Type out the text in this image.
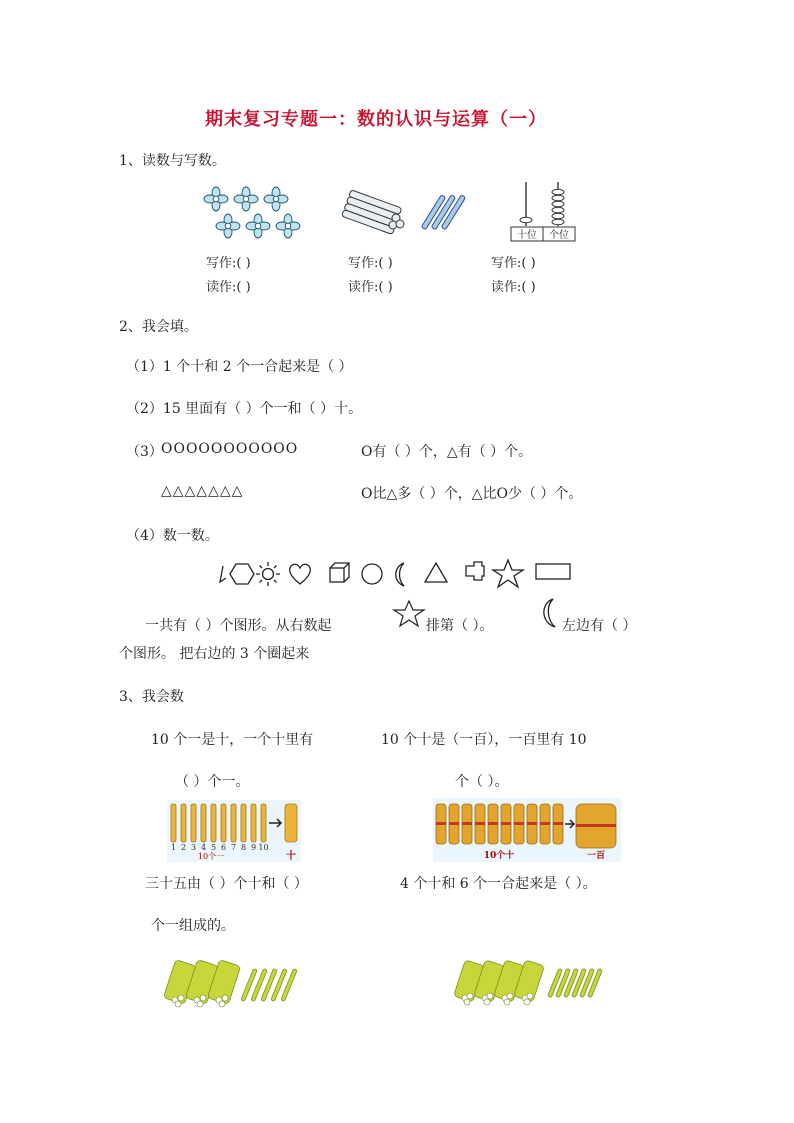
期末复习专题一：数的认识与运算（一）
1、读数与写数。
十位 个位
写作:( )
读作:( )
写作:( )
读作:( )
写作:( )
读作:( )
2、我会填。
（1）1 个十和 2 个一合起来是（ ）
（2）15 里面有（ ）个一和（ ）十。
（3）
OOOOOOOOOOO	O有（ ）个，△有（ ）个。
△△△△△△△	O比△多（ ）个，△比O少（ ）个。
（4）数一数。
一共有（ ）个图形。从右数起	排第（ ）。	左边有（ ）
个图形。 把右边的 3 个圈起来
3、我会数
10 个一是十，一个十里有
（ ）个一。
10 个十是（一百），一百里有 10
个（ ）。
1 2 3 4 5 6 7 8 9 10
10个一	十	10个十	一百
三十五由（ ）个十和（ ）
个一组成的。
4 个十和 6 个一合起来是（ ）。
